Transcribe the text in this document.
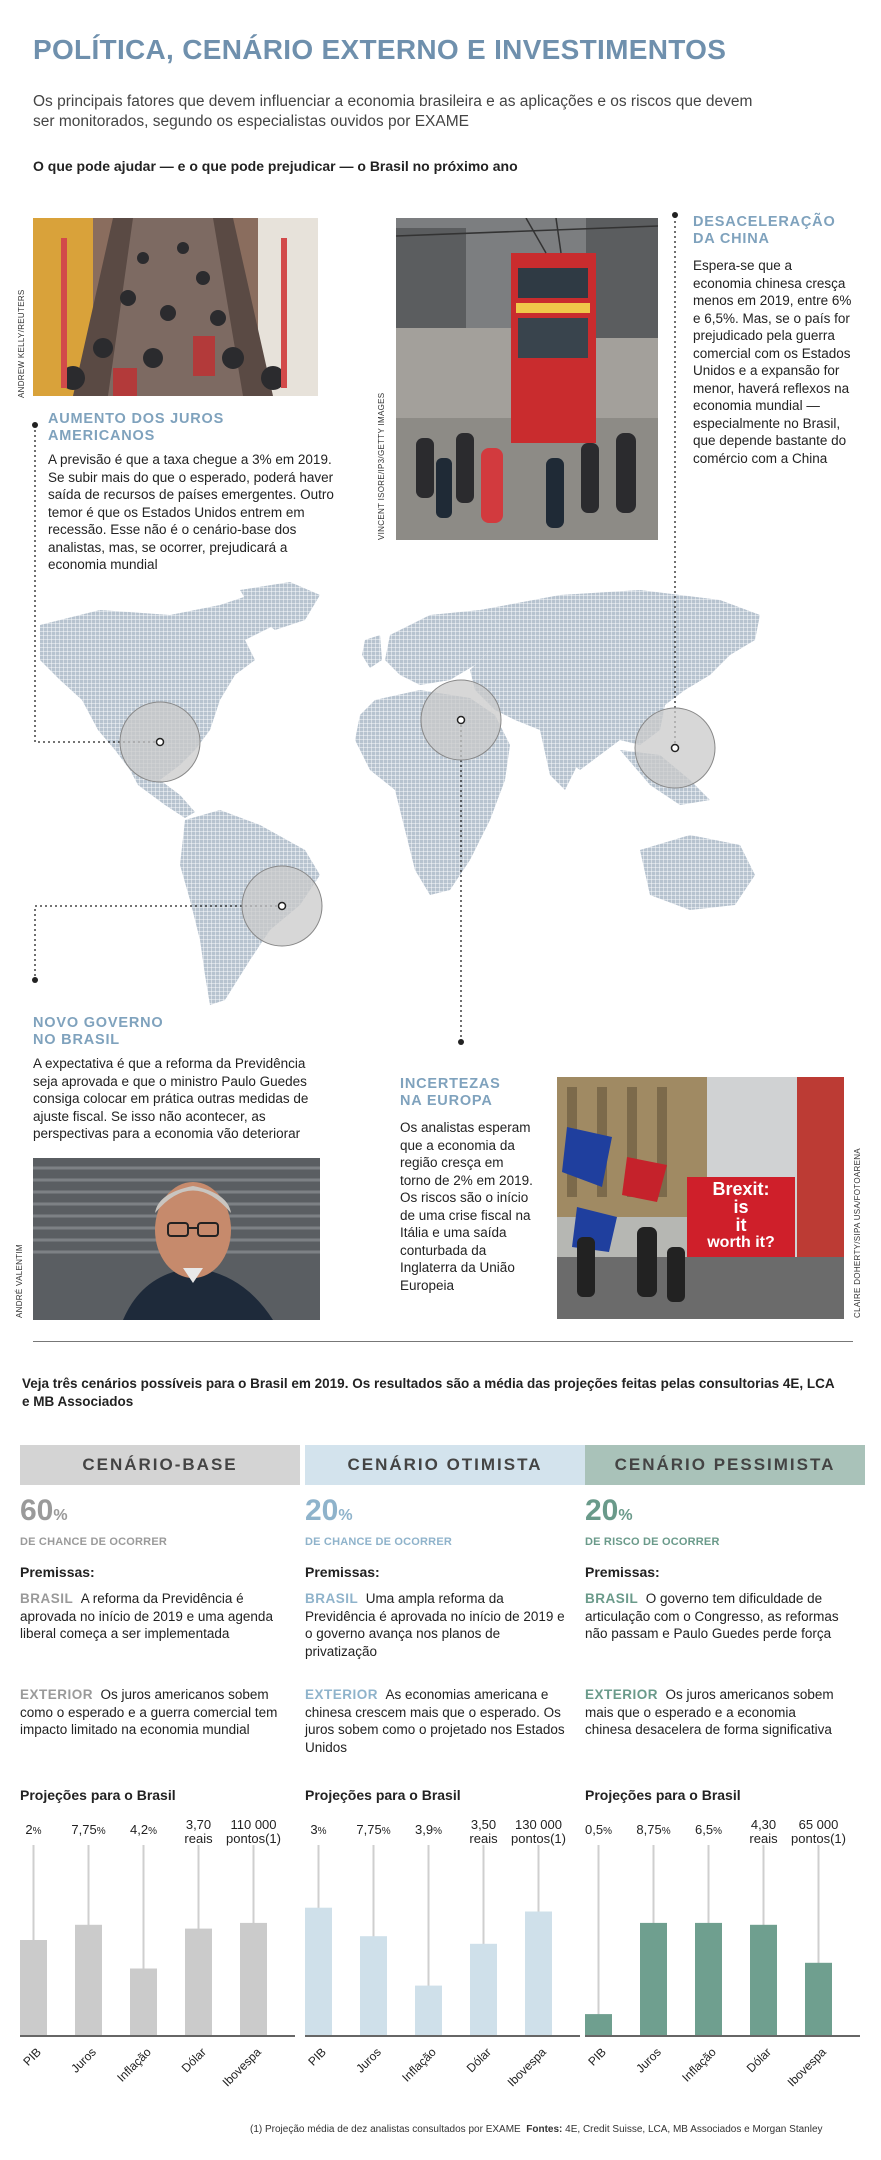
POLÍTICA, CENÁRIO EXTERNO E INVESTIMENTOS
Os principais fatores que devem influenciar a economia brasileira e as aplicações e os riscos que devem ser monitorados, segundo os especialistas ouvidos por EXAME
O que pode ajudar — e o que pode prejudicar — o Brasil no próximo ano
ANDREW KELLY/REUTERS
AUMENTO DOS JUROS
AMERICANOS
A previsão é que a taxa chegue a 3% em 2019. Se subir mais do que o esperado, poderá haver saída de recursos de países emergentes. Outro temor é que os Estados Unidos entrem em recessão. Esse não é o cenário-base dos analistas, mas, se ocorrer, prejudicará a economia mundial
VINCENT ISORE/IP3/GETTY IMAGES
DESACELERAÇÃO
DA CHINA
Espera-se que a economia chinesa cresça menos em 2019, entre 6% e 6,5%. Mas, se o país for prejudicado pela guerra comercial com os Estados Unidos e a expansão for menor, haverá reflexos na economia mundial — especialmente no Brasil, que depende bastante do comércio com a China
NOVO GOVERNO
NO BRASIL
A expectativa é que a reforma da Previdência seja aprovada e que o ministro Paulo Guedes consiga colocar em prática outras medidas de ajuste fiscal. Se isso não acontecer, as perspectivas para a economia vão deteriorar
ANDRÉ VALENTIM
INCERTEZAS
NA EUROPA
Os analistas esperam que a economia da região cresça em torno de 2% em 2019. Os riscos são o início de uma crise fiscal na Itália e uma saída conturbada da Inglaterra da União Europeia
Brexit:
is
it
worth it?	CLAIRE DOHERTY/SIPA USA/FOTOARENA
Veja três cenários possíveis para o Brasil em 2019. Os resultados são a média das projeções feitas pelas consultorias 4E, LCA e MB Associados
CENÁRIO-BASE
60%
DE CHANCE DE OCORRER
Premissas:
BRASIL A reforma da Previdência é aprovada no início de 2019 e uma agenda liberal começa a ser implementada
EXTERIOR Os juros americanos sobem como o esperado e a guerra comercial tem impacto limitado na economia mundial
Projeções para o Brasil
2%	7,75%	4,2%	3,70
reais
110 000
pontos(1)
PIB	Juros	Inflação	Dólar Ibovespa
CENÁRIO OTIMISTA
20%
DE CHANCE DE OCORRER
Premissas:
BRASIL Uma ampla reforma da Previdência é aprovada no início de 2019 e o governo avança nos planos de privatização
EXTERIOR As economias americana e chinesa crescem mais que o esperado. Os juros sobem como o projetado nos Estados Unidos
Projeções para o Brasil
3%	7,75%	3,9%	3,50
reais
130 000
pontos(1)
PIB	Juros	Inflação	Dólar Ibovespa
CENÁRIO PESSIMISTA
20%
DE RISCO DE OCORRER
Premissas:
BRASIL O governo tem dificuldade de articulação com o Congresso, as reformas não passam e Paulo Guedes perde força
EXTERIOR Os juros americanos sobem mais que o esperado e a economia chinesa desacelera de forma significativa
Projeções para o Brasil
0,5%	8,75%	6,5%	4,30
reais
65 000
pontos(1)
PIB	Juros	Inflação	Dólar Ibovespa
(1) Projeção média de dez analistas consultados por EXAME Fontes: 4E, Credit Suisse, LCA, MB Associados e Morgan Stanley
